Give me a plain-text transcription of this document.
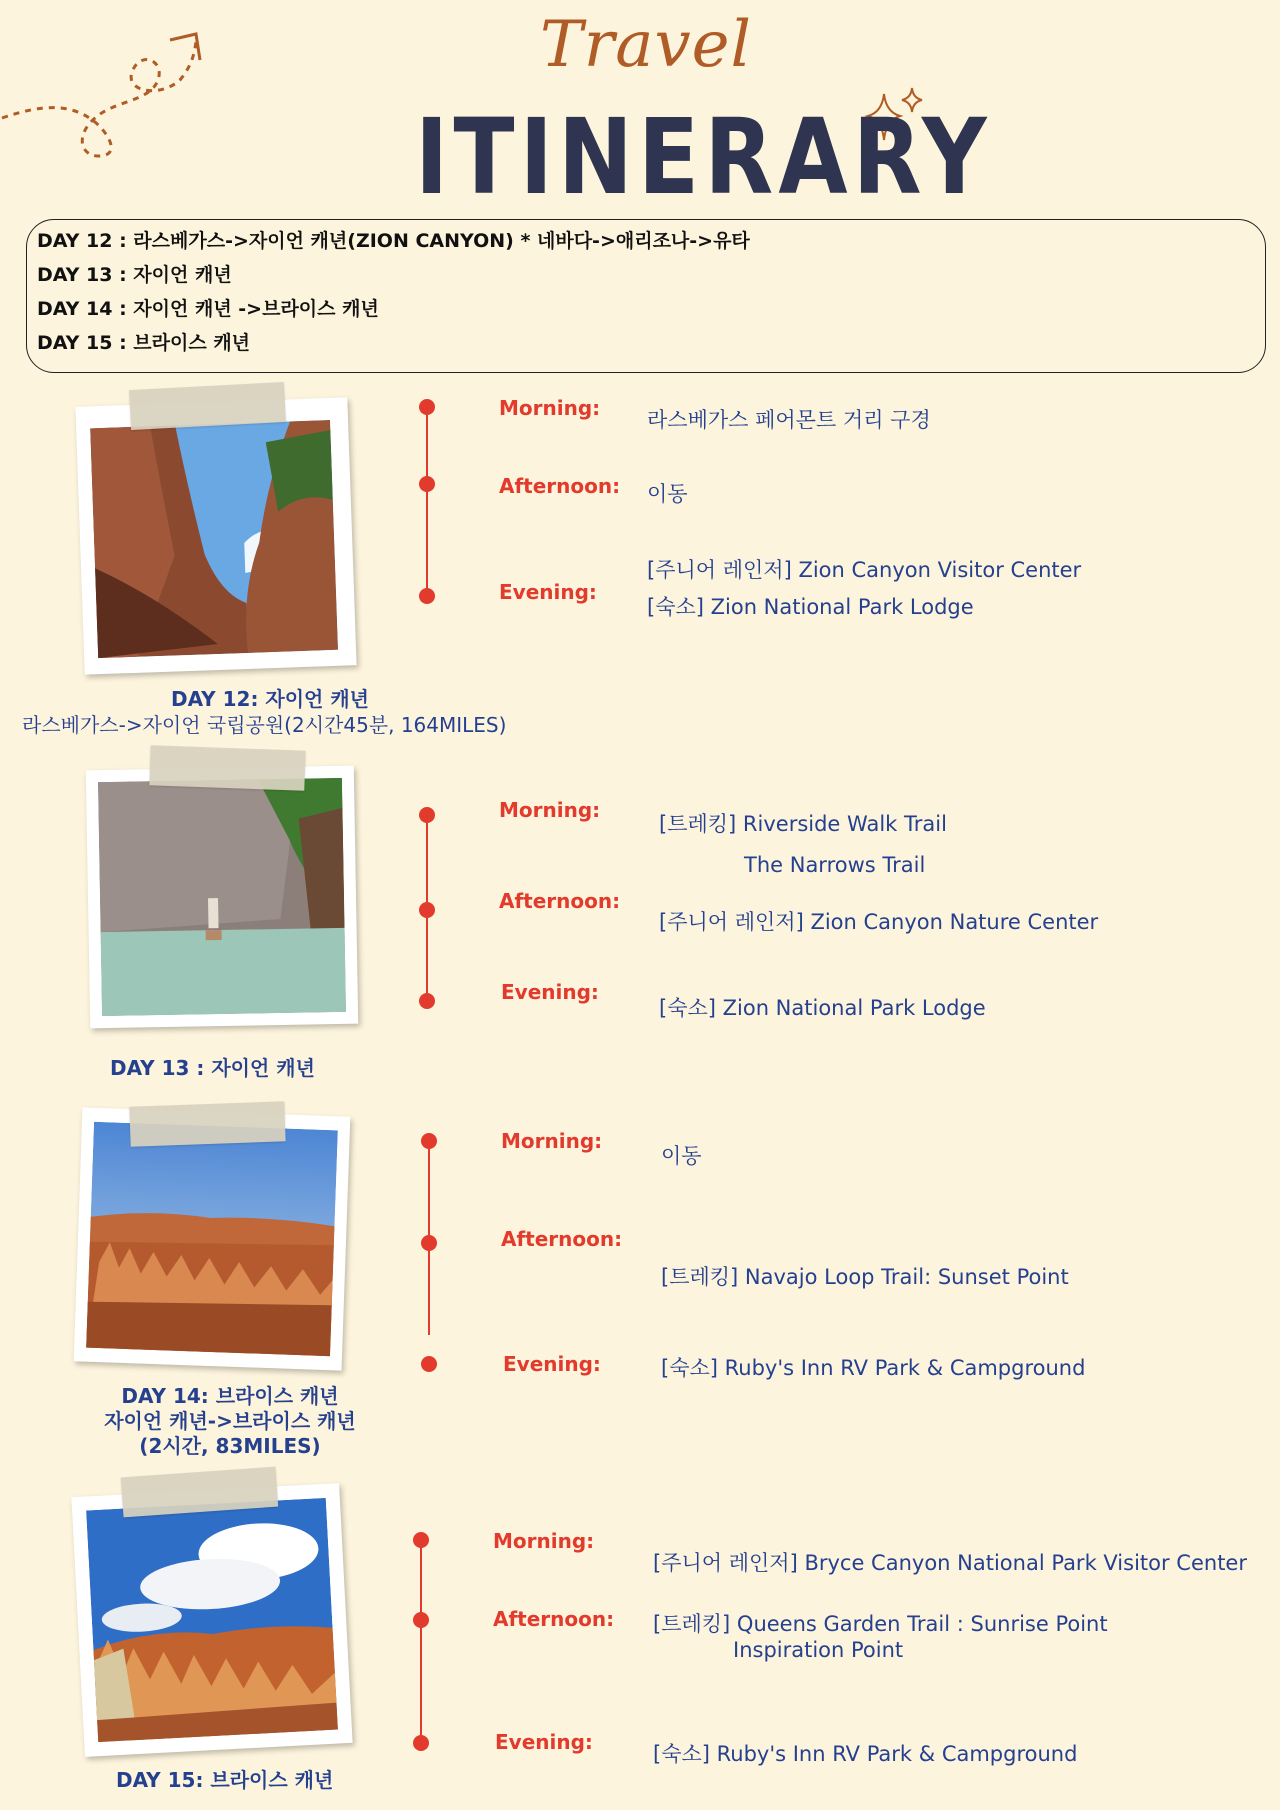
Travel
ITINERARY
DAY 12 : 라스베가스->자이언 캐년(ZION CANYON) * 네바다->애리조나->유타
DAY 13 : 자이언 캐년
DAY 14 : 자이언 캐년 ->브라이스 캐년
DAY 15 : 브라이스 캐년
DAY 12: 자이언 캐년
라스베가스->자이언 국립공원(2시간45분, 164MILES)
Morning:
Afternoon:
Evening:
라스베가스 페어몬트 거리 구경
이동
[주니어 레인저] Zion Canyon Visitor Center
[숙소] Zion National Park Lodge
DAY 13 : 자이언 캐년
Morning:
Afternoon:
Evening:
[트레킹] Riverside Walk Trail
The Narrows Trail
[주니어 레인저] Zion Canyon Nature Center
[숙소] Zion National Park Lodge
DAY 14: 브라이스 캐년
자이언 캐년->브라이스 캐년
(2시간, 83MILES)
Morning:
Afternoon:
Evening:
이동
[트레킹] Navajo Loop Trail: Sunset Point
[숙소] Ruby's Inn RV Park & Campground
DAY 15: 브라이스 캐년
Morning:
Afternoon:
Evening:
[주니어 레인저] Bryce Canyon National Park Visitor Center
[트레킹] Queens Garden Trail : Sunrise Point
Inspiration Point
[숙소] Ruby's Inn RV Park & Campground
